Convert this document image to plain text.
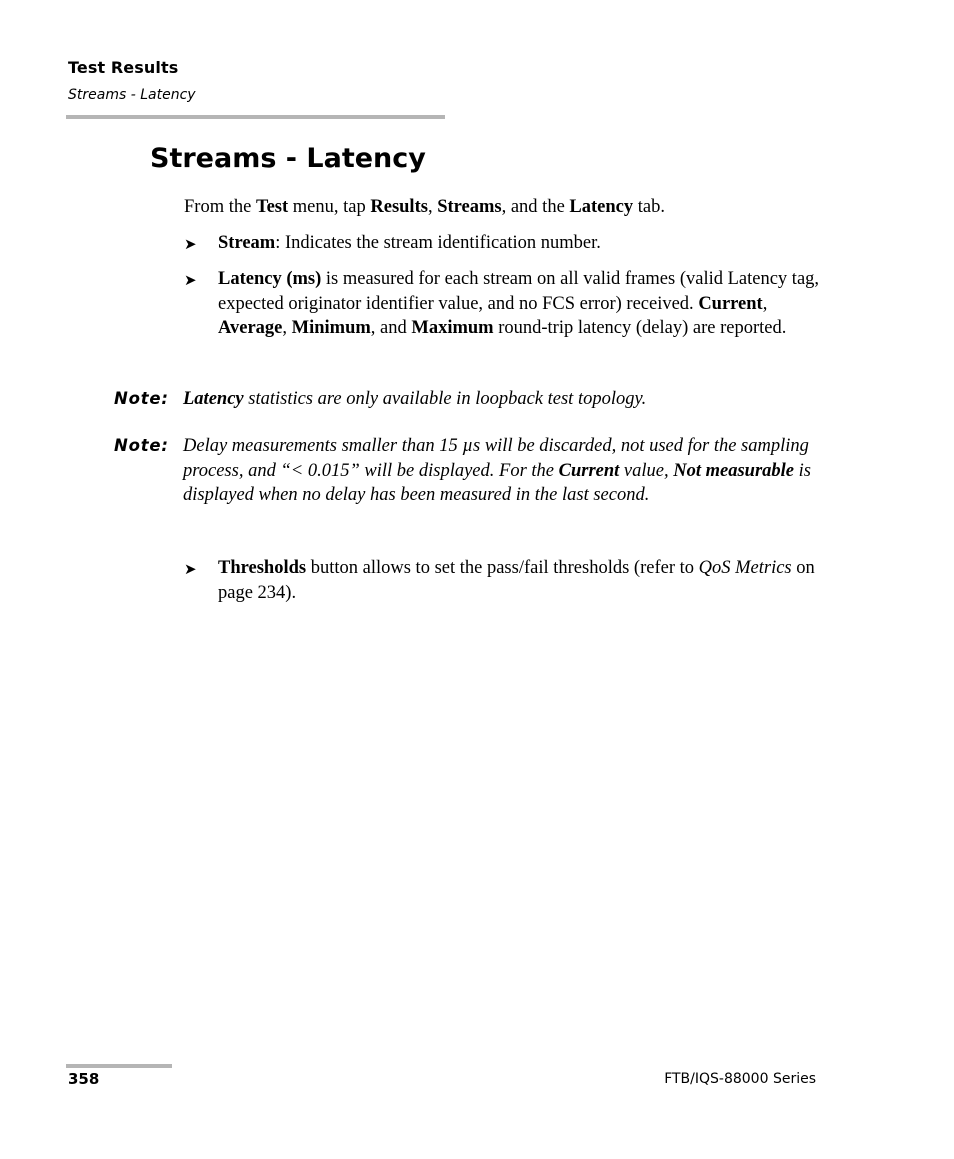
Test Results
Streams - Latency
Streams - Latency
From the Test menu, tap Results, Streams, and the Latency tab.
➤	Stream: Indicates the stream identification number.
➤	Latency (ms) is measured for each stream on all valid frames (valid Latency tag, expected originator identifier value, and no FCS error) received. Current, Average, Minimum, and Maximum round-trip latency (delay) are reported.
Note: Latency statistics are only available in loopback test topology.
Note: Delay measurements smaller than 15 µs will be discarded, not used for the sampling process, and “< 0.015” will be displayed. For the Current value, Not measurable is displayed when no delay has been measured in the last second.
➤	Thresholds button allows to set the pass/fail thresholds (refer to QoS Metrics on page 234).
358	FTB/IQS-88000 Series
